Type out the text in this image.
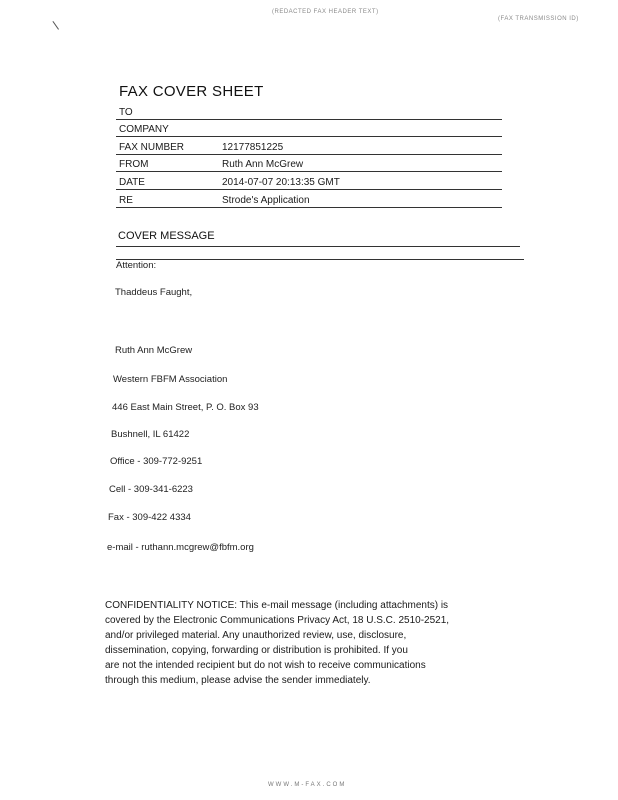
(REDACTED FAX HEADER TEXT)
(FAX TRANSMISSION ID)
\
FAX COVER SHEET
TO
COMPANY
FAX NUMBER	12177851225
FROM	Ruth Ann McGrew
DATE	2014-07-07 20:13:35 GMT
RE	Strode's Application
COVER MESSAGE
Attention:
Thaddeus Faught,
Ruth Ann McGrew
Western FBFM Association
446 East Main Street, P. O. Box 93
Bushnell, IL 61422
Office - 309-772-9251
Cell - 309-341-6223
Fax - 309-422 4334
e-mail - ruthann.mcgrew@fbfm.org
CONFIDENTIALITY NOTICE: This e-mail message (including attachments) is
covered by the Electronic Communications Privacy Act, 18 U.S.C. 2510-2521,
and/or privileged material. Any unauthorized review, use, disclosure,
dissemination, copying, forwarding or distribution is prohibited. If you
are not the intended recipient but do not wish to receive communications
through this medium, please advise the sender immediately.
WWW.M-FAX.COM
